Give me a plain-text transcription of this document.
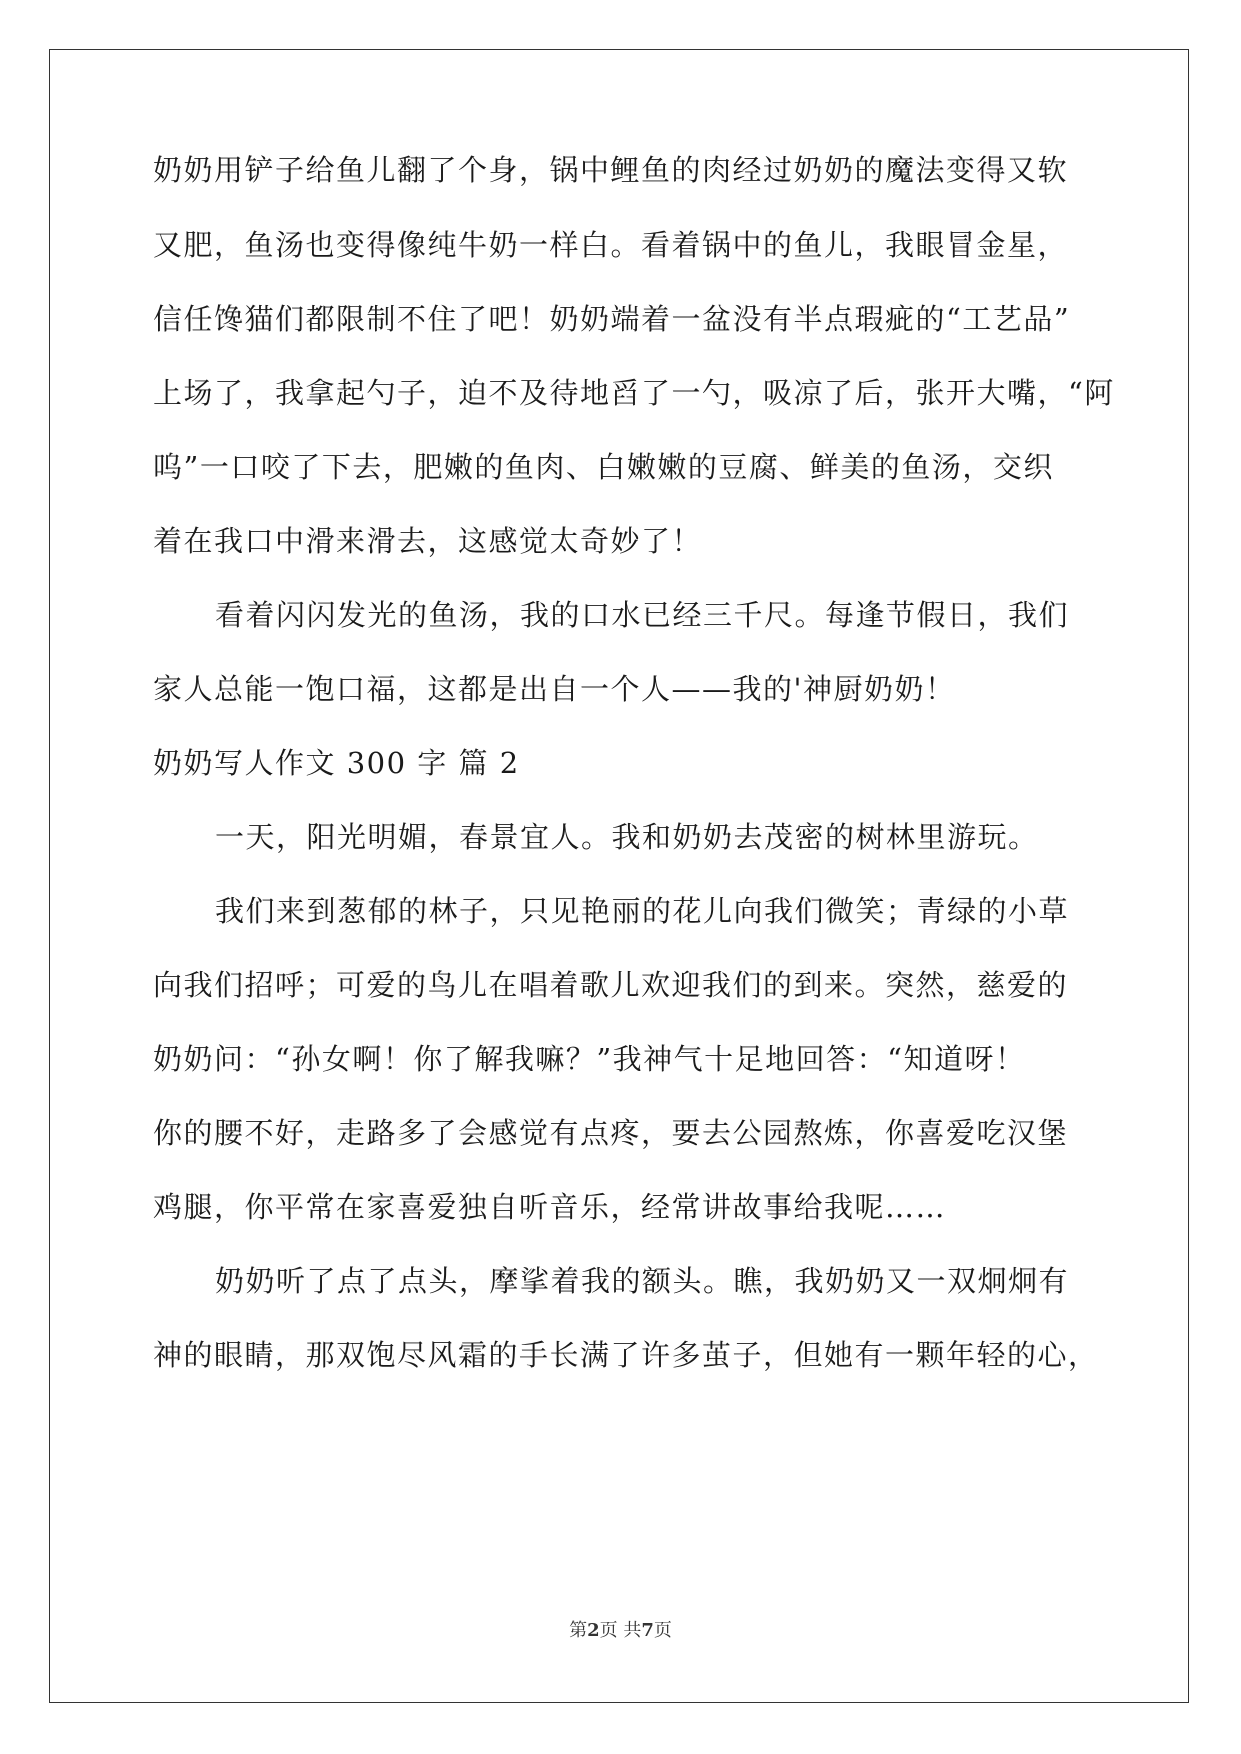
奶奶用铲子给鱼儿翻了个身，锅中鲤鱼的肉经过奶奶的魔法变得又软
又肥，鱼汤也变得像纯牛奶一样白。看着锅中的鱼儿，我眼冒金星，
信任馋猫们都限制不住了吧！奶奶端着一盆没有半点瑕疵的“工艺品”
上场了，我拿起勺子，迫不及待地舀了一勺，吸凉了后，张开大嘴，“阿
呜”一口咬了下去，肥嫩的鱼肉、白嫩嫩的豆腐、鲜美的鱼汤，交织
着在我口中滑来滑去，这感觉太奇妙了！
看着闪闪发光的鱼汤，我的口水已经三千尺。每逢节假日，我们
家人总能一饱口福，这都是出自一个人——我的'神厨奶奶！
奶奶写人作文 300 字 篇 2
一天，阳光明媚，春景宜人。我和奶奶去茂密的树林里游玩。
我们来到葱郁的林子，只见艳丽的花儿向我们微笑；青绿的小草
向我们招呼；可爱的鸟儿在唱着歌儿欢迎我们的到来。突然，慈爱的
奶奶问：“孙女啊！你了解我嘛？”我神气十足地回答：“知道呀！
你的腰不好，走路多了会感觉有点疼，要去公园熬炼，你喜爱吃汉堡
鸡腿，你平常在家喜爱独自听音乐，经常讲故事给我呢……
奶奶听了点了点头，摩挲着我的额头。瞧，我奶奶又一双炯炯有
神的眼睛，那双饱尽风霜的手长满了许多茧子，但她有一颗年轻的心，
第2页 共7页
